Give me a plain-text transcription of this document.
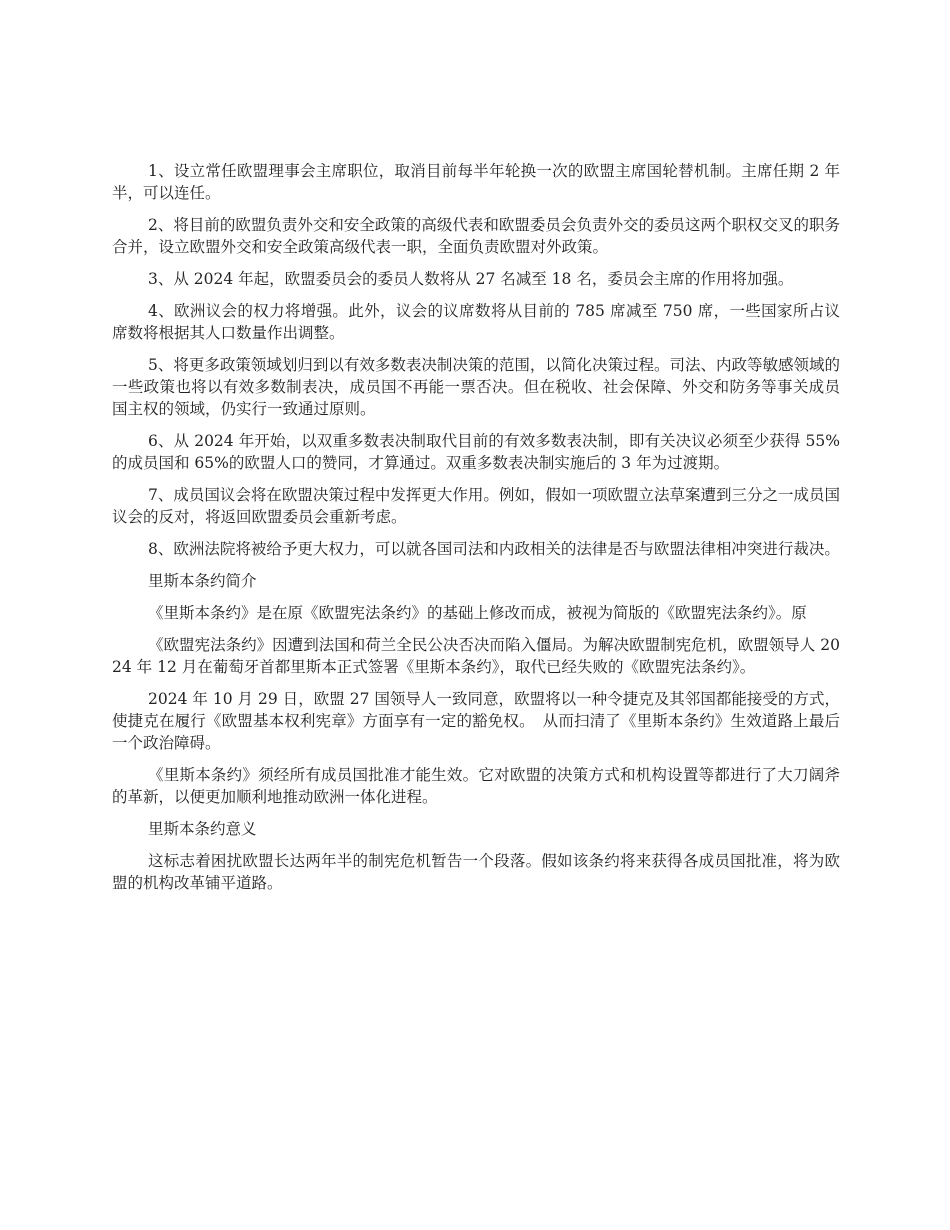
1、设立常任欧盟理事会主席职位，取消目前每半年轮换一次的欧盟主席国轮替机制。主席任期 2 年半，可以连任。

2、将目前的欧盟负责外交和安全政策的高级代表和欧盟委员会负责外交的委员这两个职权交叉的职务合并，设立欧盟外交和安全政策高级代表一职，全面负责欧盟对外政策。

3、从 2024 年起，欧盟委员会的委员人数将从 27 名减至 18 名，委员会主席的作用将加强。

4、欧洲议会的权力将增强。此外，议会的议席数将从目前的 785 席减至 750 席，一些国家所占议席数将根据其人口数量作出调整。

5、将更多政策领域划归到以有效多数表决制决策的范围，以简化决策过程。司法、内政等敏感领域的一些政策也将以有效多数制表决，成员国不再能一票否决。但在税收、社会保障、外交和防务等事关成员国主权的领域，仍实行一致通过原则。

6、从 2024 年开始，以双重多数表决制取代目前的有效多数表决制，即有关决议必须至少获得 55%的成员国和 65%的欧盟人口的赞同，才算通过。双重多数表决制实施后的 3 年为过渡期。

7、成员国议会将在欧盟决策过程中发挥更大作用。例如，假如一项欧盟立法草案遭到三分之一成员国议会的反对，将返回欧盟委员会重新考虑。

8、欧洲法院将被给予更大权力，可以就各国司法和内政相关的法律是否与欧盟法律相冲突进行裁决。

里斯本条约简介

《里斯本条约》是在原《欧盟宪法条约》的基础上修改而成，被视为简版的《欧盟宪法条约》。原

《欧盟宪法条约》因遭到法国和荷兰全民公决否决而陷入僵局。为解决欧盟制宪危机，欧盟领导人 2024 年 12 月在葡萄牙首都里斯本正式签署《里斯本条约》，取代已经失败的《欧盟宪法条约》。

2024 年 10 月 29 日，欧盟 27 国领导人一致同意，欧盟将以一种令捷克及其邻国都能接受的方式，使捷克在履行《欧盟基本权利宪章》方面享有一定的豁免权。　从而扫清了《里斯本条约》生效道路上最后一个政治障碍。

《里斯本条约》须经所有成员国批准才能生效。它对欧盟的决策方式和机构设置等都进行了大刀阔斧的革新，以便更加顺利地推动欧洲一体化进程。

里斯本条约意义

这标志着困扰欧盟长达两年半的制宪危机暂告一个段落。假如该条约将来获得各成员国批准，将为欧盟的机构改革铺平道路。
